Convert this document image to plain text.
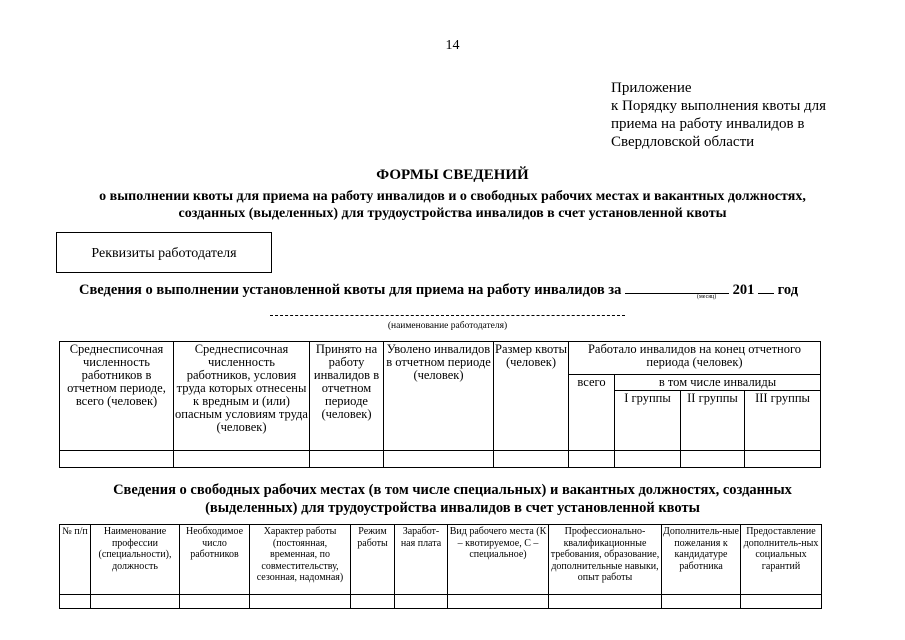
14
Приложение
к Порядку выполнения квоты для
приема на работу инвалидов в
Свердловской области
ФОРМЫ СВЕДЕНИЙ
о выполнении квоты для приема на работу инвалидов и о свободных рабочих местах и вакантных должностях,
созданных (выделенных) для трудоустройства инвалидов в счет установленной квоты
Реквизиты работодателя
Сведения о выполнении установленной квоты для приема на работу инвалидов за	201 год
(месяц)
(наименование работодателя)
Среднесписочная численность работников в отчетном периоде, всего (человек)	Среднесписочная численность работников, условия труда которых отнесены к вредным и (или) опасным условиям труда (человек)	Принято на работу инвалидов в отчетном периоде (человек)	Уволено инвалидов в отчетном периоде (человек)	Размер квоты (человек)	Работало инвалидов на конец отчетного периода (человек)			
					всего	в том числе инвалиды		
						I группы	II группы	III группы

Сведения о свободных рабочих местах (в том числе специальных) и вакантных должностях, созданных
(выделенных) для трудоустройства инвалидов в счет установленной квоты
№ п/п	Наименование профессии (специальности), должность	Необходимое число работников	Характер работы (постоянная, временная, по совместительству, сезонная, надомная)	Режим работы	Заработ-ная плата	Вид рабочего места (К – квотируемое, С – специальное)	Профессионально-квалификационные требования, образование, дополнительные навыки, опыт работы	Дополнитель-ные пожелания к кандидатуре работника	Предоставление дополнитель-ных социальных гарантий
